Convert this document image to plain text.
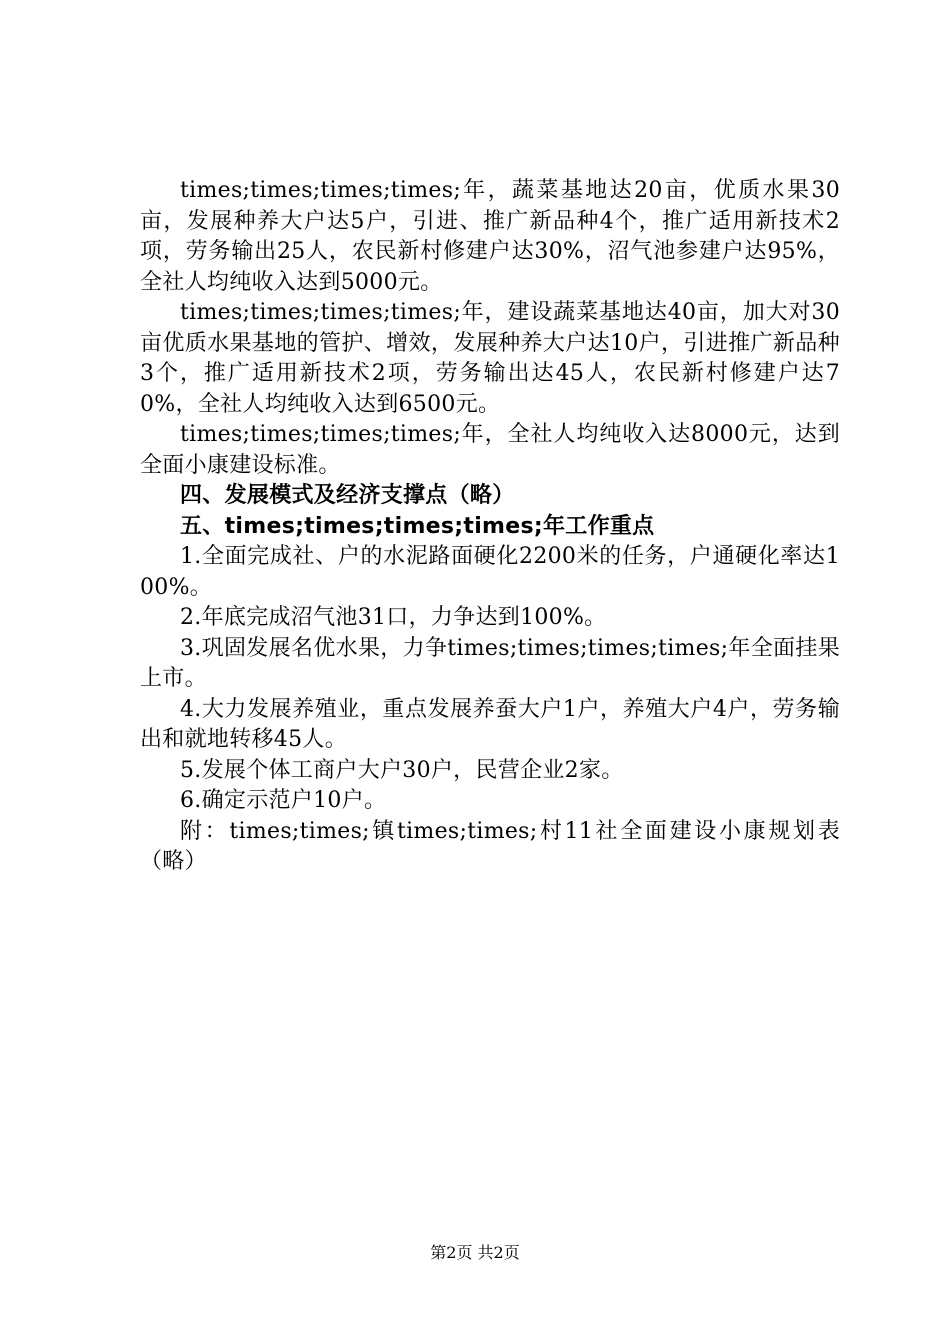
times;times;times;times;年，蔬菜基地达20亩，优质水果30亩，发展种养大户达5户，引进、推广新品种4个，推广适用新技术2项，劳务输出25人，农民新村修建户达30%，沼气池参建户达95%，全社人均纯收入达到5000元。

times;times;times;times;年，建设蔬菜基地达40亩，加大对30亩优质水果基地的管护、增效，发展种养大户达10户，引进推广新品种3个，推广适用新技术2项，劳务输出达45人，农民新村修建户达70%，全社人均纯收入达到6500元。

times;times;times;times;年，全社人均纯收入达8000元，达到全面小康建设标准。

四、发展模式及经济支撑点（略）

五、times;times;times;times;年工作重点

1.全面完成社、户的水泥路面硬化2200米的任务，户通硬化率达100%。

2.年底完成沼气池31口，力争达到100%。

3.巩固发展名优水果，力争times;times;times;times;年全面挂果上市。

4.大力发展养殖业，重点发展养蚕大户1户，养殖大户4户，劳务输出和就地转移45人。

5.发展个体工商户大户30户，民营企业2家。

6.确定示范户10户。

附：times;times;镇times;times;村11社全面建设小康规划表（略）

第2页 共2页
